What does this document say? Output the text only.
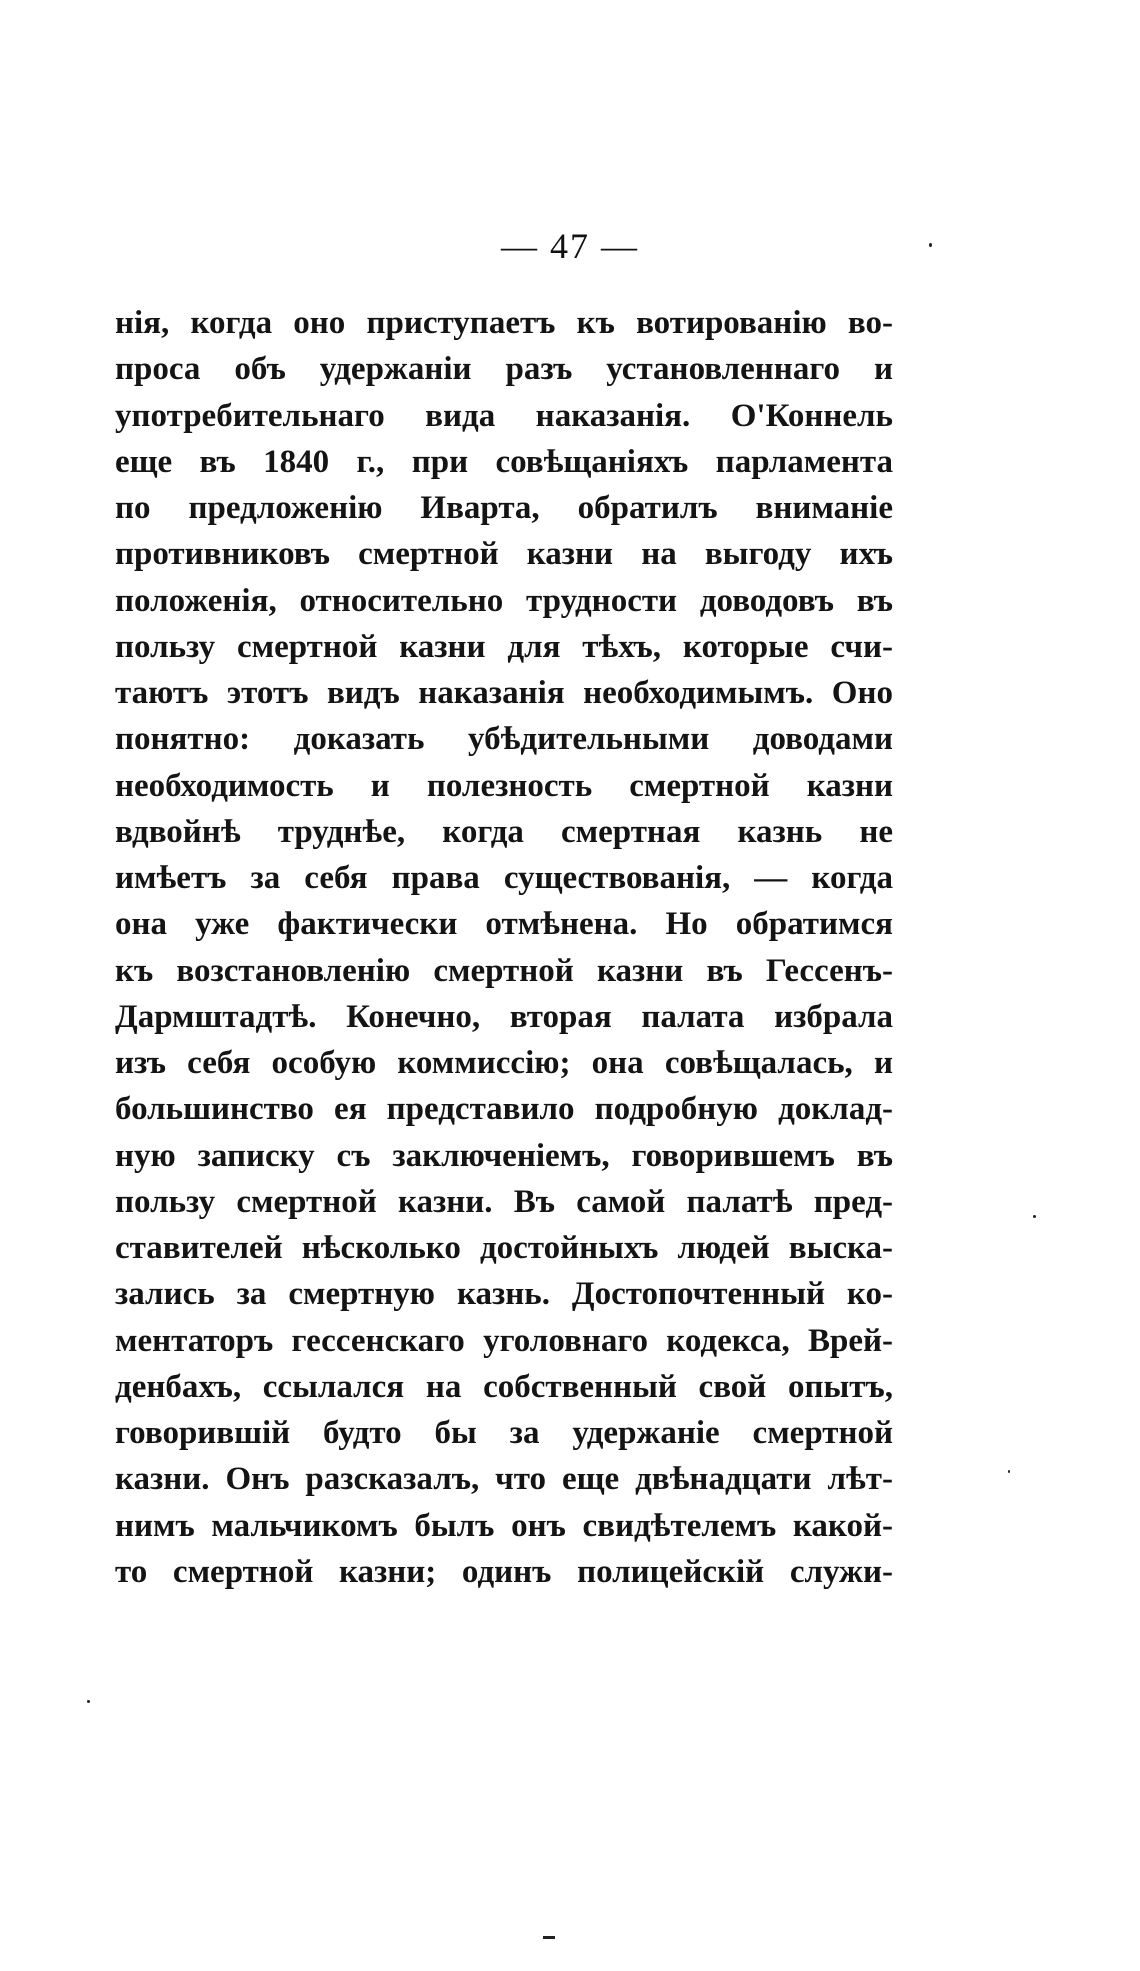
— 47 —
нія, когда оно приступаетъ къ вотированію во-
проса объ удержаніи разъ установленнаго и
употребительнаго вида наказанія. О'Коннель
еще въ 1840 г., при совѣщаніяхъ парламента
по предложенію Иварта, обратилъ вниманіе
противниковъ смертной казни на выгоду ихъ
положенія, относительно трудности доводовъ въ
пользу смертной казни для тѣхъ, которые счи-
таютъ этотъ видъ наказанія необходимымъ. Оно
понятно: доказать убѣдительными доводами
необходимость и полезность смертной казни
вдвойнѣ труднѣе, когда смертная казнь не
имѣетъ за себя права существованія, — когда
она уже фактически отмѣнена. Но обратимся
къ возстановленію смертной казни въ Гессенъ-
Дармштадтѣ. Конечно, вторая палата избрала
изъ себя особую коммиссію; она совѣщалась, и
большинство ея представило подробную доклад-
ную записку съ заключеніемъ, говорившемъ въ
пользу смертной казни. Въ самой палатѣ пред-
ставителей нѣсколько достойныхъ людей выска-
зались за смертную казнь. Достопочтенный ко-
ментаторъ гессенскаго уголовнаго кодекса, Врей-
денбахъ, ссылался на собственный свой опытъ,
говорившій будто бы за удержаніе смертной
казни. Онъ разсказалъ, что еще двѣнадцати лѣт-
нимъ мальчикомъ былъ онъ свидѣтелемъ какой-
то смертной казни; одинъ полицейскій служи-
